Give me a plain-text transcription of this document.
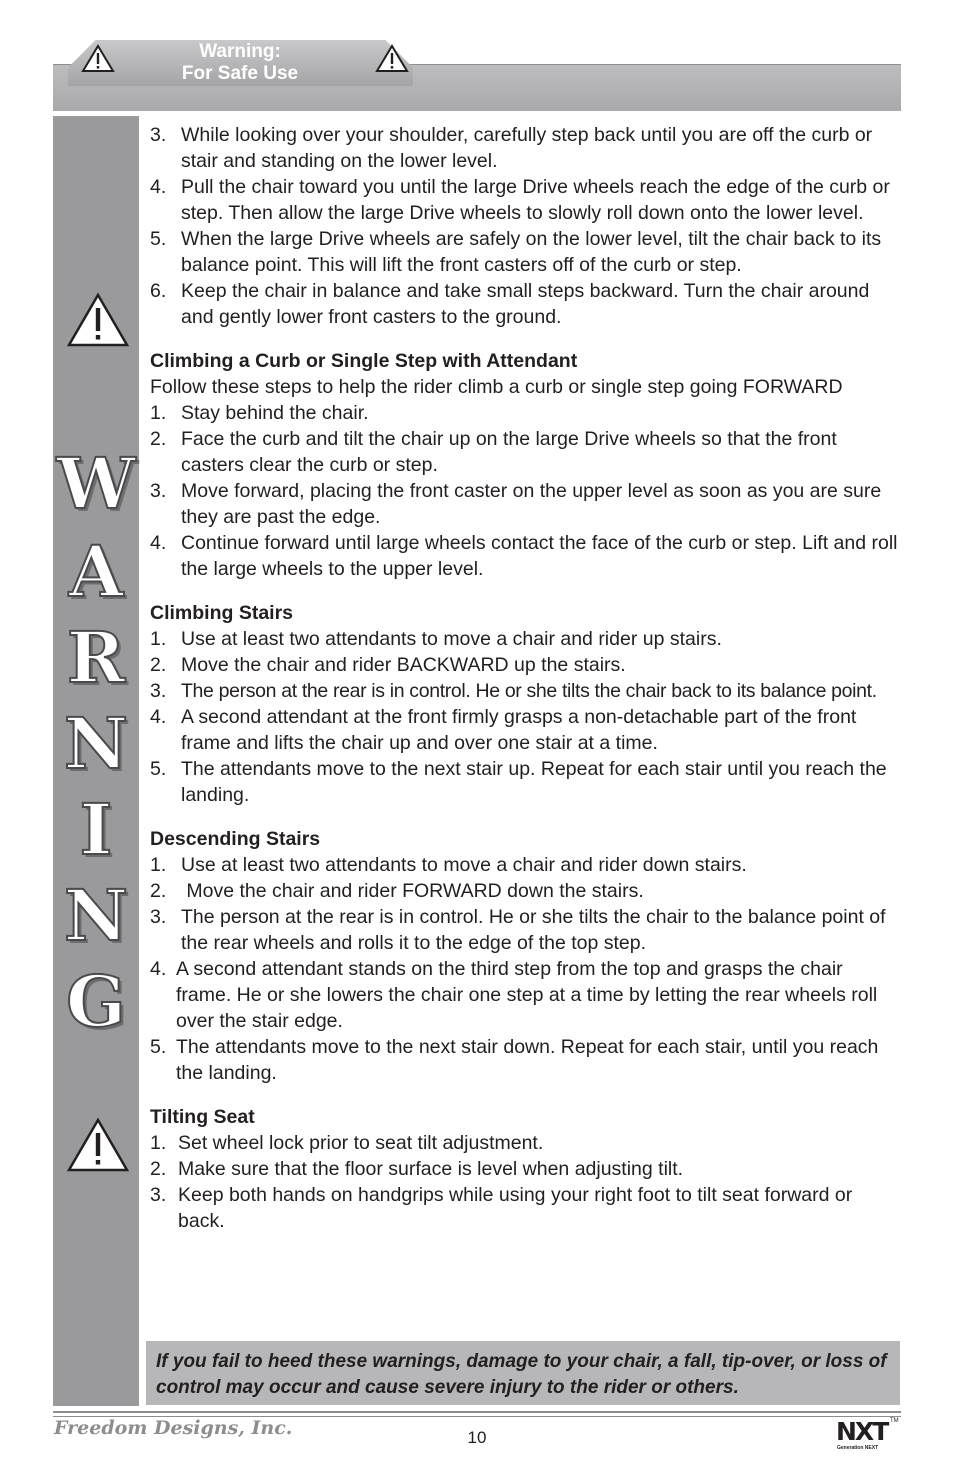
Warning:
For Safe Use
W
A
R
N
I
N
G
3. While looking over your shoulder, carefully step back until you are off the curb or stair and standing on the lower level.
4. Pull the chair toward you until the large Drive wheels reach the edge of the curb or step. Then allow the large Drive wheels to slowly roll down onto the lower level.
5. When the large Drive wheels are safely on the lower level, tilt the chair back to its balance point. This will lift the front casters off of the curb or step.
6. Keep the chair in balance and take small steps backward. Turn the chair around and gently lower front casters to the ground.
Climbing a Curb or Single Step with Attendant
Follow these steps to help the rider climb a curb or single step going FORWARD
1. Stay behind the chair.
2. Face the curb and tilt the chair up on the large Drive wheels so that the front casters clear the curb or step.
3. Move forward, placing the front caster on the upper level as soon as you are sure they are past the edge.
4. Continue forward until large wheels contact the face of the curb or step. Lift and roll the large wheels to the upper level.
Climbing Stairs
1. Use at least two attendants to move a chair and rider up stairs.
2. Move the chair and rider BACKWARD up the stairs.
3. The person at the rear is in control. He or she tilts the chair back to its balance point.
4. A second attendant at the front firmly grasps a non-detachable part of the front frame and lifts the chair up and over one stair at a time.
5. The attendants move to the next stair up. Repeat for each stair until you reach the landing.
Descending Stairs
1. Use at least two attendants to move a chair and rider down stairs.
2. Move the chair and rider FORWARD down the stairs.
3. The person at the rear is in control. He or she tilts the chair to the balance point of the rear wheels and rolls it to the edge of the top step.
4. A second attendant stands on the third step from the top and grasps the chair frame. He or she lowers the chair one step at a time by letting the rear wheels roll over the stair edge.
5. The attendants move to the next stair down. Repeat for each stair, until you reach the landing.
Tilting Seat
1. Set wheel lock prior to seat tilt adjustment.
2. Make sure that the floor surface is level when adjusting tilt.
3. Keep both hands on handgrips while using your right foot to tilt seat forward or back.
If you fail to heed these warnings, damage to your chair, a fall, tip-over, or loss of control may occur and cause severe injury to the rider or others.
Freedom Designs, Inc.	10	NXT TM
Generation NEXT
